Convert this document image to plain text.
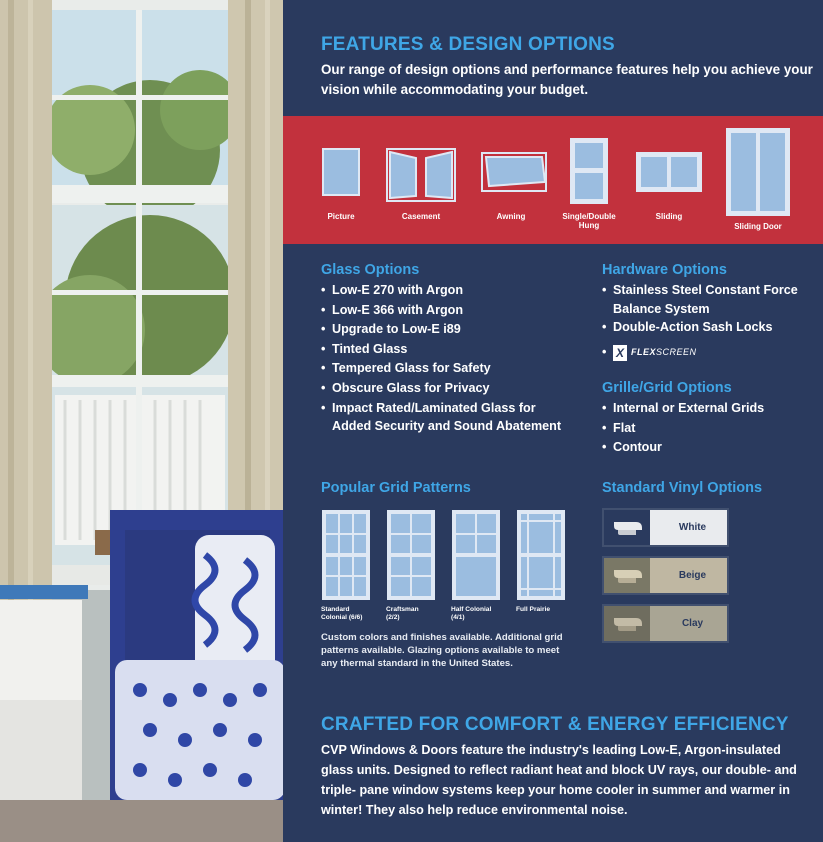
FEATURES & DESIGN OPTIONS
Our range of design options and performance features help you achieve your
vision while accommodating your budget.
Picture	Casement	Awning	Single/Double
Hung
Sliding
Sliding Door
Glass Options
• Low-E 270 with Argon
• Low-E 366 with Argon
• Upgrade to Low-E i89
• Tinted Glass
• Tempered Glass for Safety
• Obscure Glass for Privacy
• Impact Rated/Laminated Glass for
Added Security and Sound Abatement
Hardware Options
• Stainless Steel Constant Force
Balance System
• Double-Action Sash Locks
• X FLEXSCREEN
Grille/Grid Options
• Internal or External Grids
• Flat
• Contour
Popular Grid Patterns
Standard
Colonial (6/6)
Craftsman
(2/2)
Half Colonial
(4/1)
Full Prairie
Custom colors and finishes available. Additional grid
patterns available. Glazing options available to meet
any thermal standard in the United States.
Standard Vinyl Options
White
Beige
Clay
CRAFTED FOR COMFORT & ENERGY EFFICIENCY
CVP Windows & Doors feature the industry's leading Low-E, Argon-insulated
glass units. Designed to reflect radiant heat and block UV rays, our double- and
triple- pane window systems keep your home cooler in summer and warmer in
winter! They also help reduce environmental noise.
